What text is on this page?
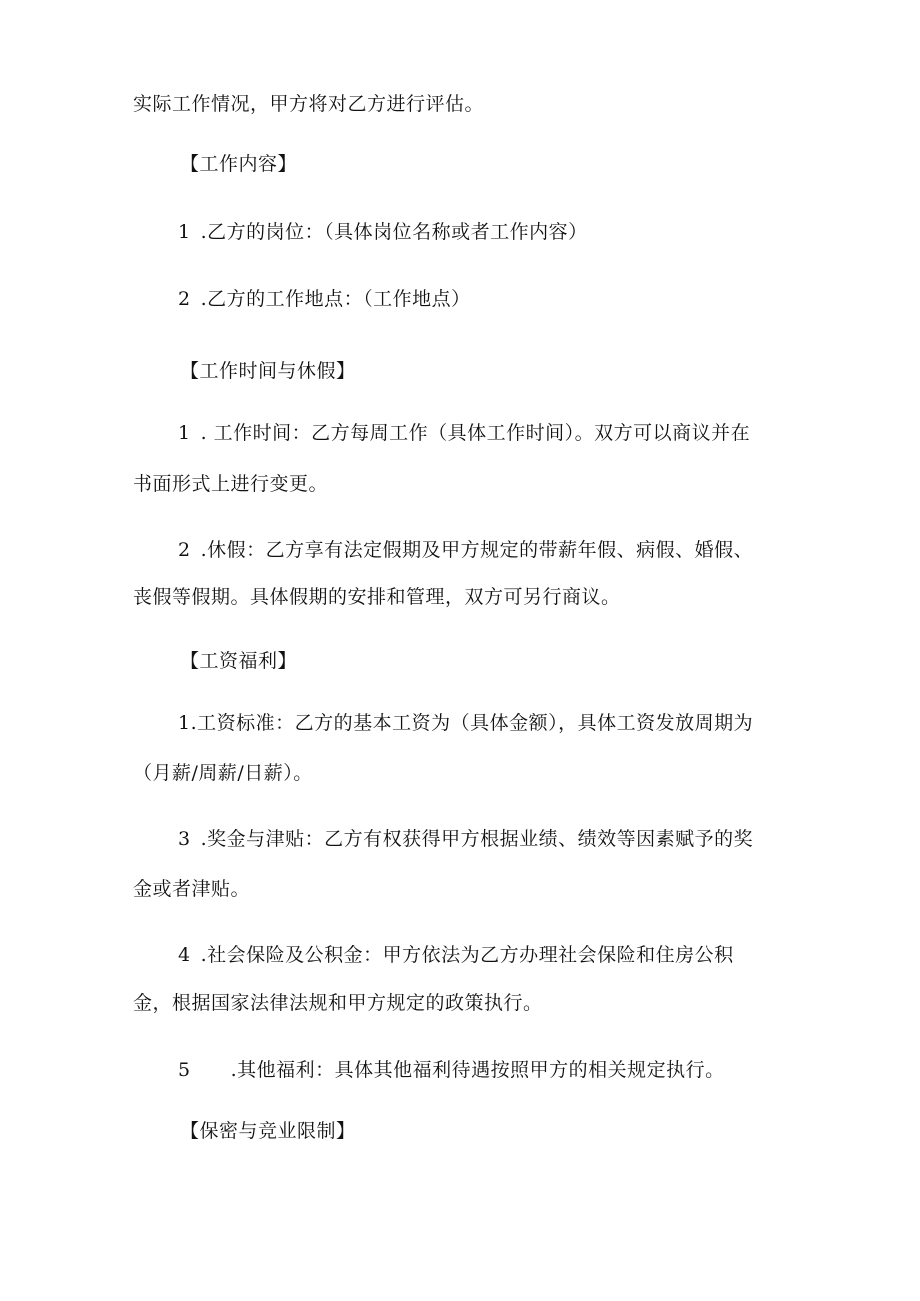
实际工作情况，甲方将对乙方进行评估。
【工作内容】
1 .乙方的岗位：（具体岗位名称或者工作内容）
2 .乙方的工作地点：（工作地点）
【工作时间与休假】
1 . 工作时间：乙方每周工作（具体工作时间）。双方可以商议并在
书面形式上进行变更。
2 .休假：乙方享有法定假期及甲方规定的带薪年假、病假、婚假、
丧假等假期。具体假期的安排和管理，双方可另行商议。
【工资福利】
1.工资标准：乙方的基本工资为（具体金额），具体工资发放周期为
（月薪/周薪/日薪）。
3 .奖金与津贴：乙方有权获得甲方根据业绩、绩效等因素赋予的奖
金或者津贴。
4 .社会保险及公积金：甲方依法为乙方办理社会保险和住房公积
金，根据国家法律法规和甲方规定的政策执行。
5 .其他福利：具体其他福利待遇按照甲方的相关规定执行。
【保密与竞业限制】
